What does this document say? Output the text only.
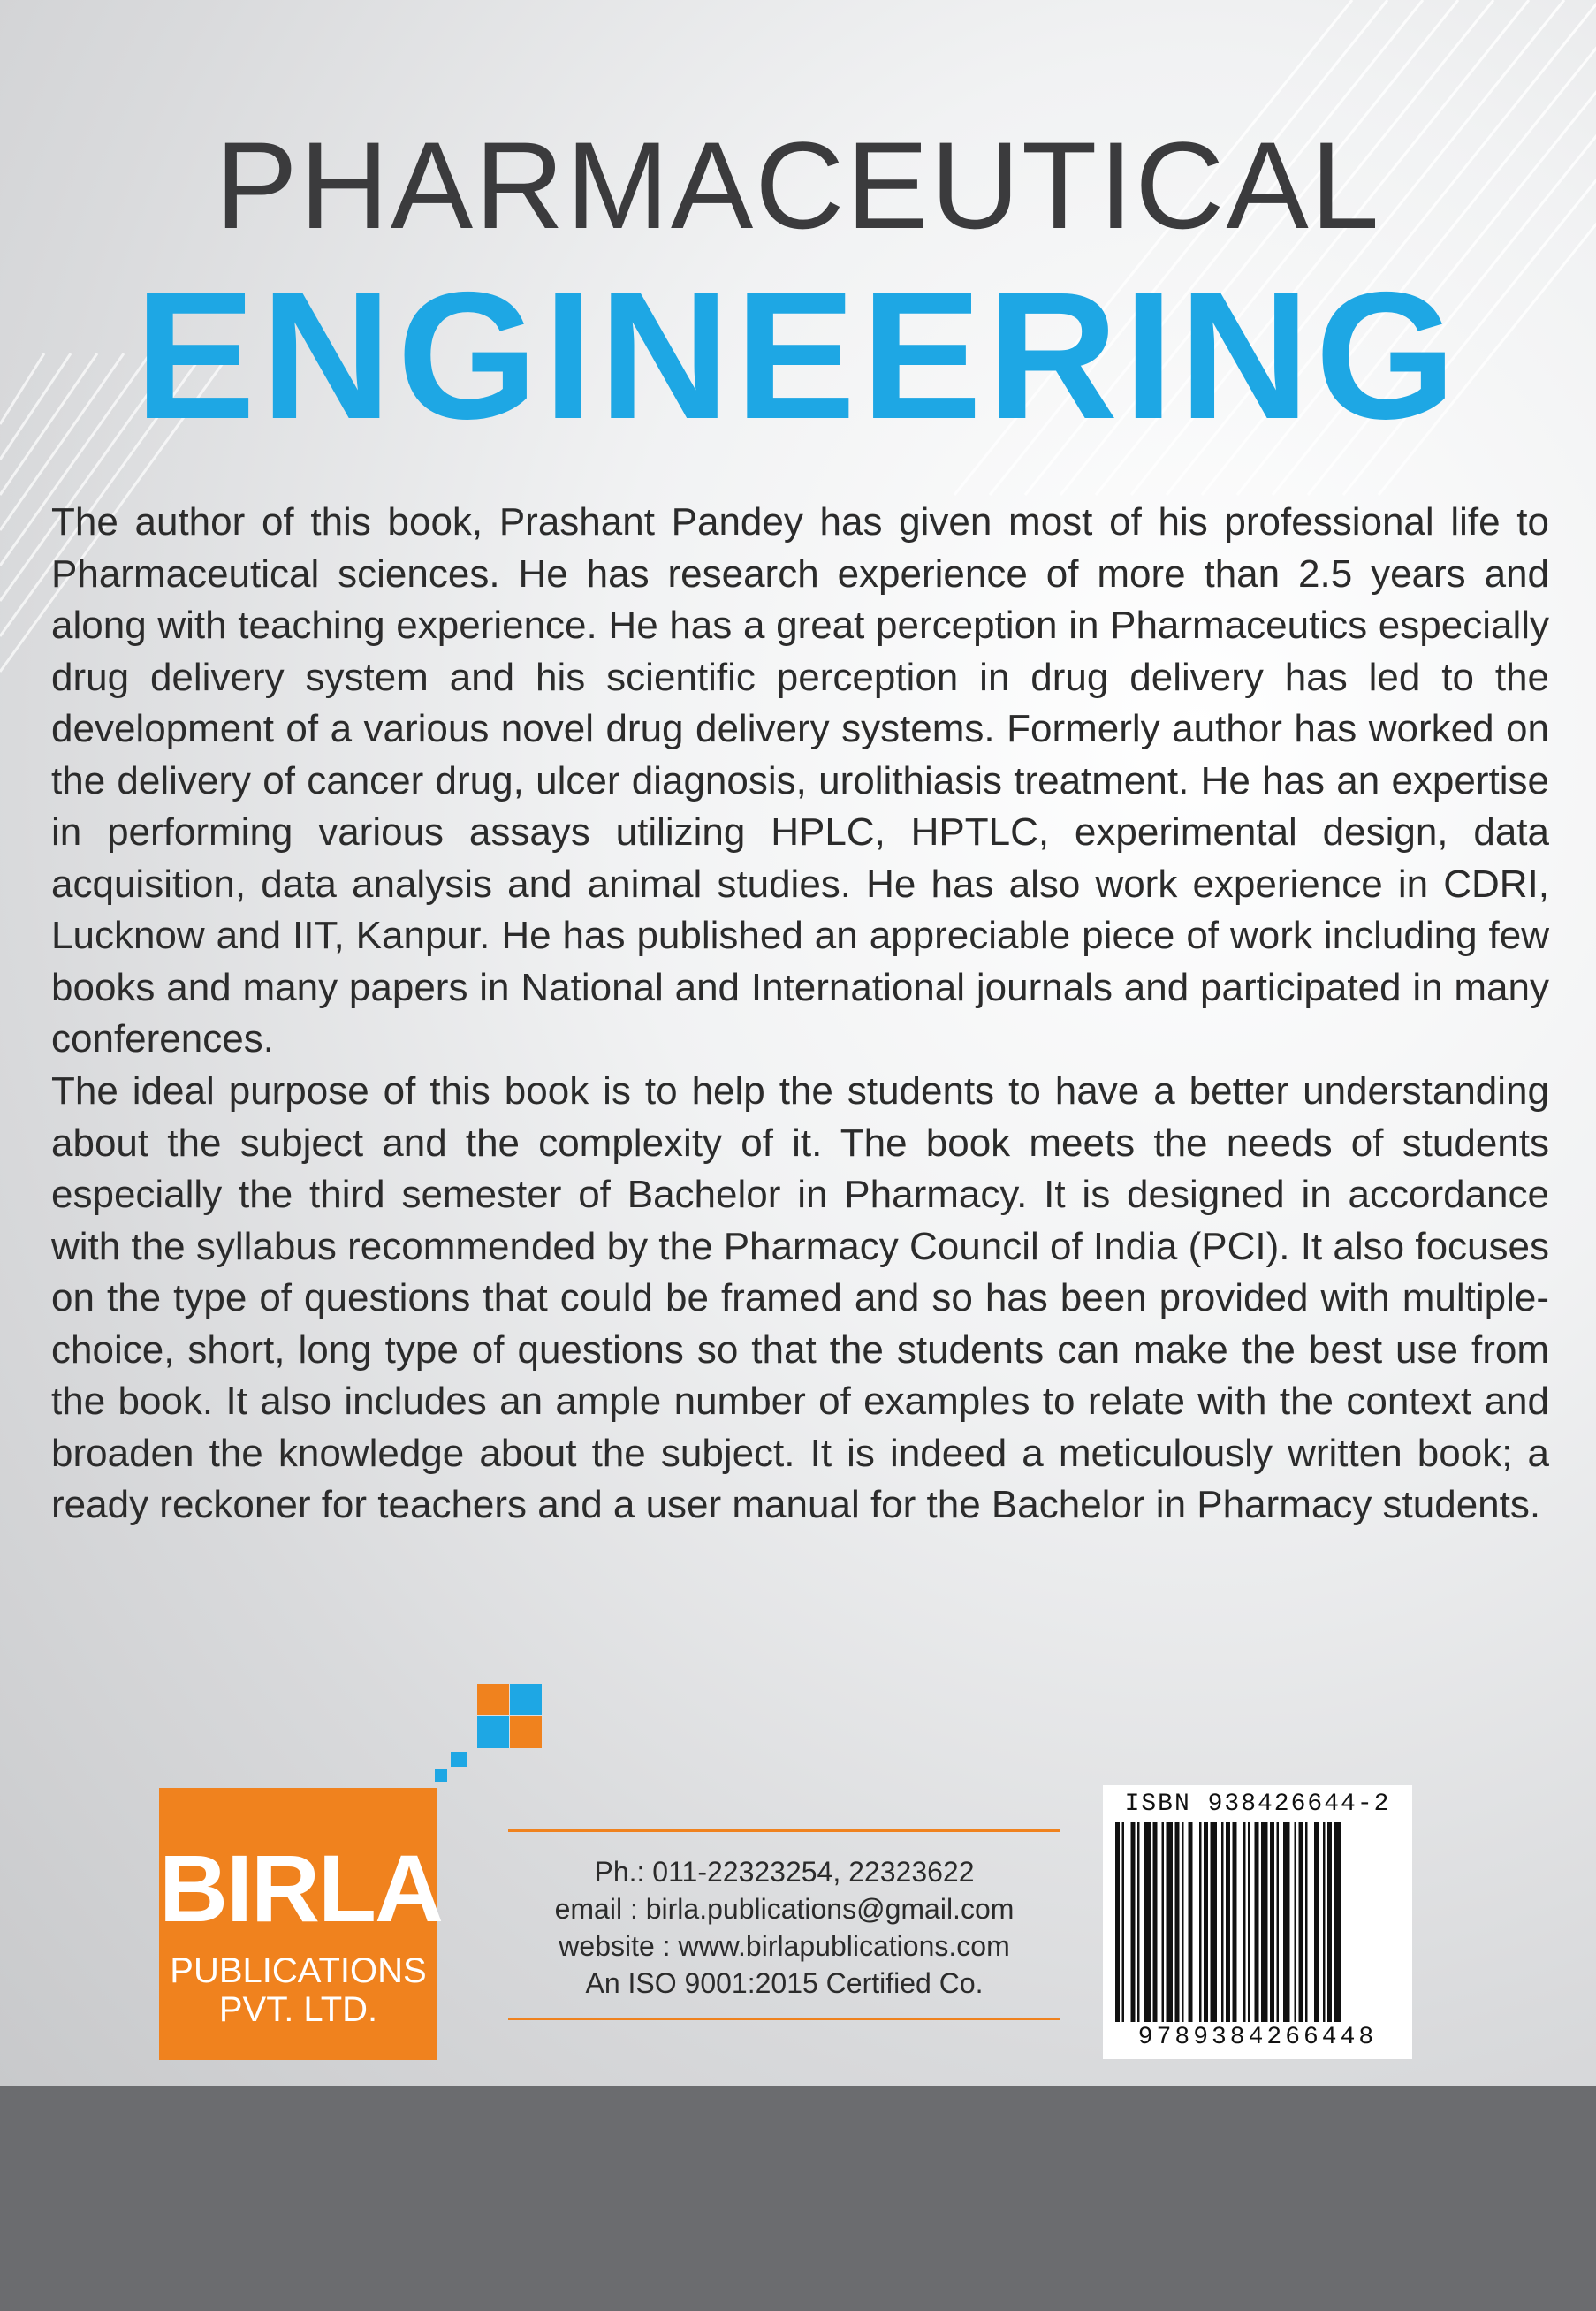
PHARMACEUTICAL
ENGINEERING

The author of this book, Prashant Pandey has given most of his professional life to Pharmaceutical sciences. He has research experience of more than 2.5 years and along with teaching experience. He has a great perception in Pharmaceutics especially drug delivery system and his scientific perception in drug delivery has led to the development of a various novel drug delivery systems. Formerly author has worked on the delivery of cancer drug, ulcer diagnosis, urolithiasis treatment. He has an expertise in performing various assays utilizing HPLC, HPTLC, experimental design, data acquisition, data analysis and animal studies. He has also work experience in CDRI, Lucknow and IIT, Kanpur. He has published an appreciable piece of work including few books and many papers in National and International journals and participated in many conferences.

The ideal purpose of this book is to help the students to have a better understanding about the subject and the complexity of it. The book meets the needs of students especially the third semester of Bachelor in Pharmacy. It is designed in accordance with the syllabus recommended by the Pharmacy Council of India (PCI). It also focuses on the type of questions that could be framed and so has been provided with multiple-choice, short, long type of questions so that the students can make the best use from the book. It also includes an ample number of examples to relate with the context and broaden the knowledge about the subject. It is indeed a meticulously written book; a ready reckoner for teachers and a user manual for the Bachelor in Pharmacy students.

BIRLA
PUBLICATIONS
PVT. LTD.
Ph.: 011-22323254, 22323622
email : birla.publications@gmail.com
website : www.birlapublications.com
An ISO 9001:2015 Certified Co.
ISBN 938426644-2
9789384266448
